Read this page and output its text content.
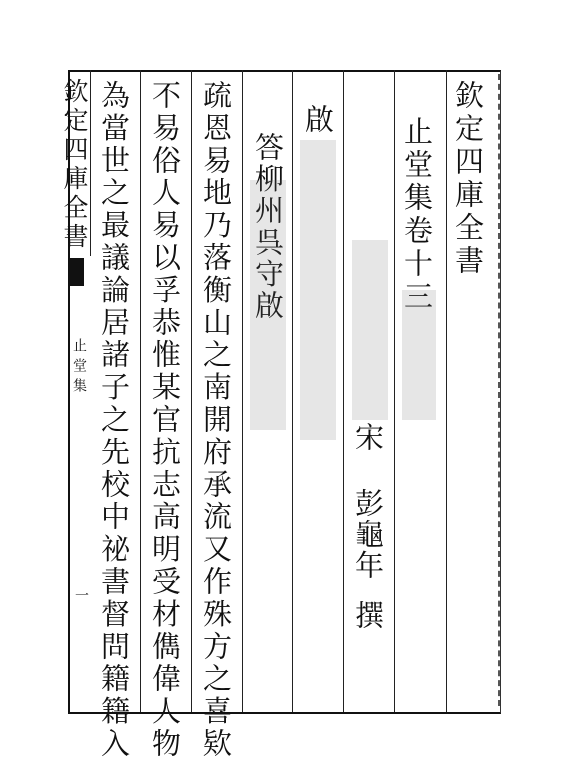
欽定四庫全書
止堂集
一
欽定四庫全書
止堂集卷十三
宋
彭龜年
撰
啟
答柳州呉守啟
疏恩易地乃落衡山之南開府承流又作殊方之喜欵
不易俗人易以孚恭惟某官抗志高明受材儁偉人物
為當世之最議論居諸子之先校中祕書督問籍籍入
